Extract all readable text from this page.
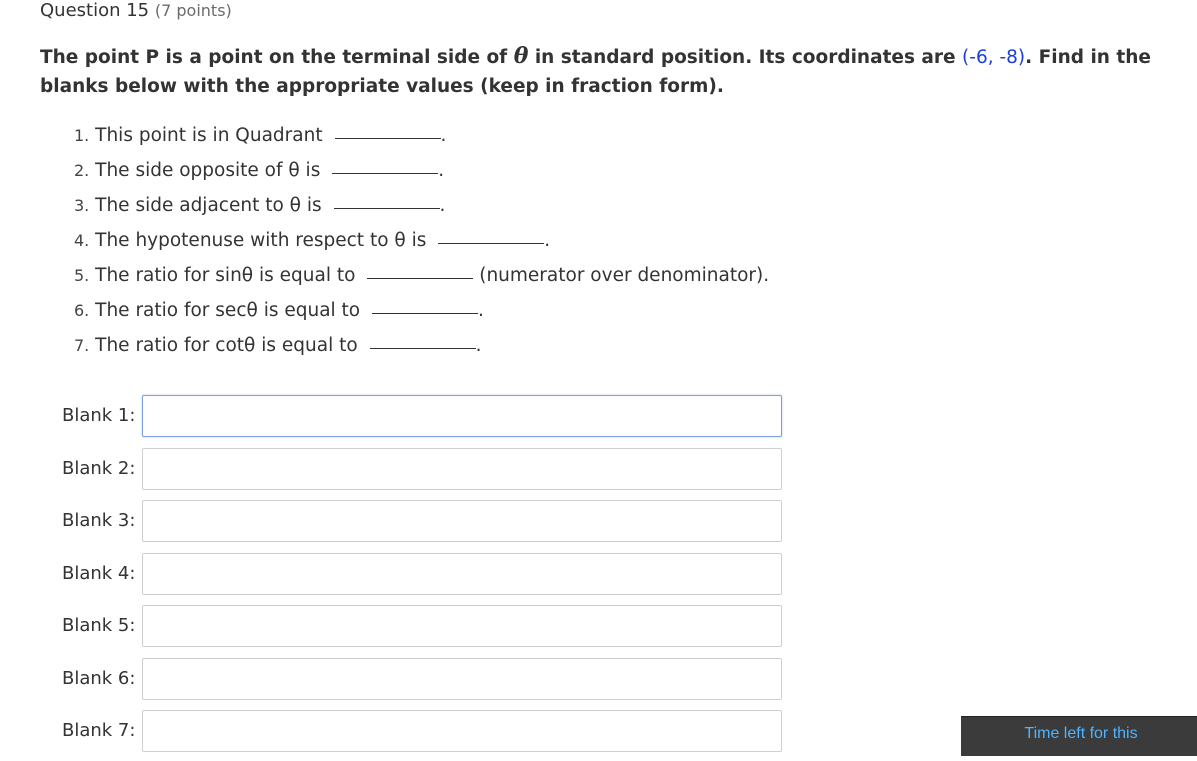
Question 15 (7 points)
The point P is a point on the terminal side of θ in standard position. Its coordinates are (-6, -8). Find in the blanks below with the appropriate values (keep in fraction form).
1. This point is in Quadrant	.
2. The side opposite of θ is	.
3. The side adjacent to θ is	.
4. The hypotenuse with respect to θ is	.
5. The ratio for sinθ is equal to	(numerator over denominator).
6. The ratio for secθ is equal to	.
7. The ratio for cotθ is equal to	.
Blank 1:
Blank 2:
Blank 3:
Blank 4:
Blank 5:
Blank 6:
Blank 7:	Time left for this
